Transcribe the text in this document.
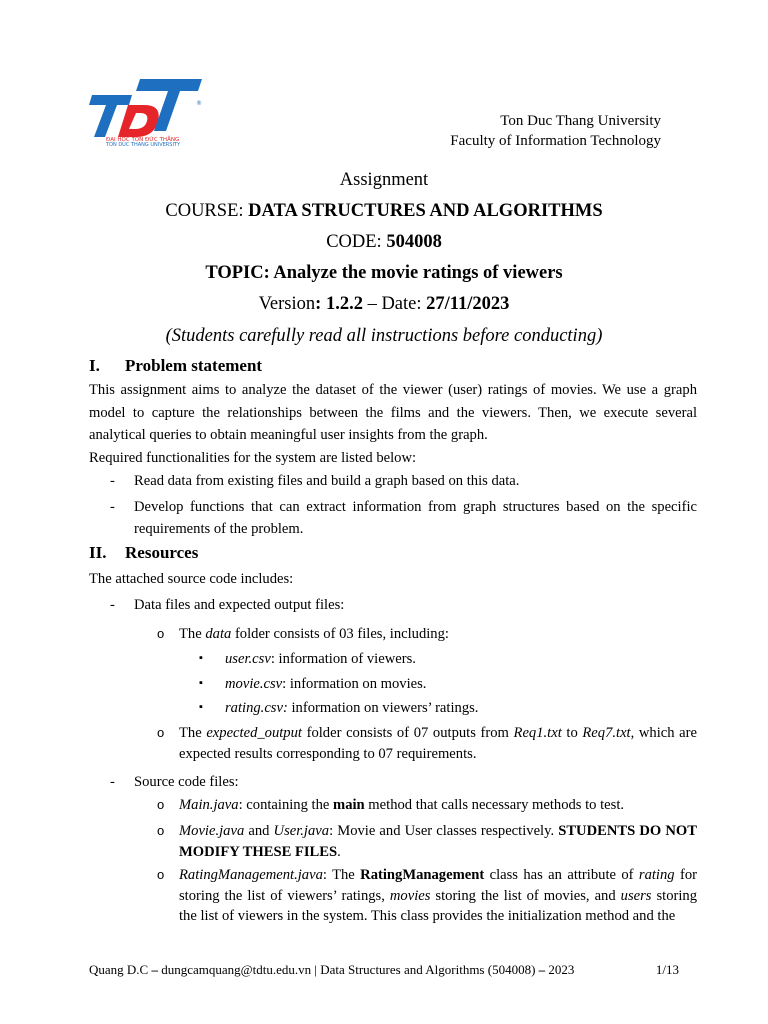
®
ĐẠI HỌC TÔN ĐỨC THẮNG
TON DUC THANG UNIVERSITY
Ton Duc Thang University
Faculty of Information Technology
Assignment
COURSE: DATA STRUCTURES AND ALGORITHMS
CODE: 504008
TOPIC: Analyze the movie ratings of viewers
Version: 1.2.2 – Date: 27/11/2023
(Students carefully read all instructions before conducting)
I. Problem statement
This assignment aims to analyze the dataset of the viewer (user) ratings of movies. We use a graph model to capture the relationships between the films and the viewers. Then, we execute several analytical queries to obtain meaningful user insights from the graph.
Required functionalities for the system are listed below:
- Read data from existing files and build a graph based on this data.
- Develop functions that can extract information from graph structures based on the specific requirements of the problem.
II. Resources
The attached source code includes:
- Data files and expected output files:
o The data folder consists of 03 files, including:
▪ user.csv: information of viewers.
▪ movie.csv: information on movies.
▪ rating.csv: information on viewers’ ratings.
o The expected_output folder consists of 07 outputs from Req1.txt to Req7.txt, which are expected results corresponding to 07 requirements.
- Source code files:
o Main.java: containing the main method that calls necessary methods to test.
o Movie.java and User.java: Movie and User classes respectively. STUDENTS DO NOT MODIFY THESE FILES.
o RatingManagement.java: The RatingManagement class has an attribute of rating for storing the list of viewers’ ratings, movies storing the list of movies, and users storing the list of viewers in the system. This class provides the initialization method and the
Quang D.C – dungcamquang@tdtu.edu.vn | Data Structures and Algorithms (504008) – 2023	1/13
